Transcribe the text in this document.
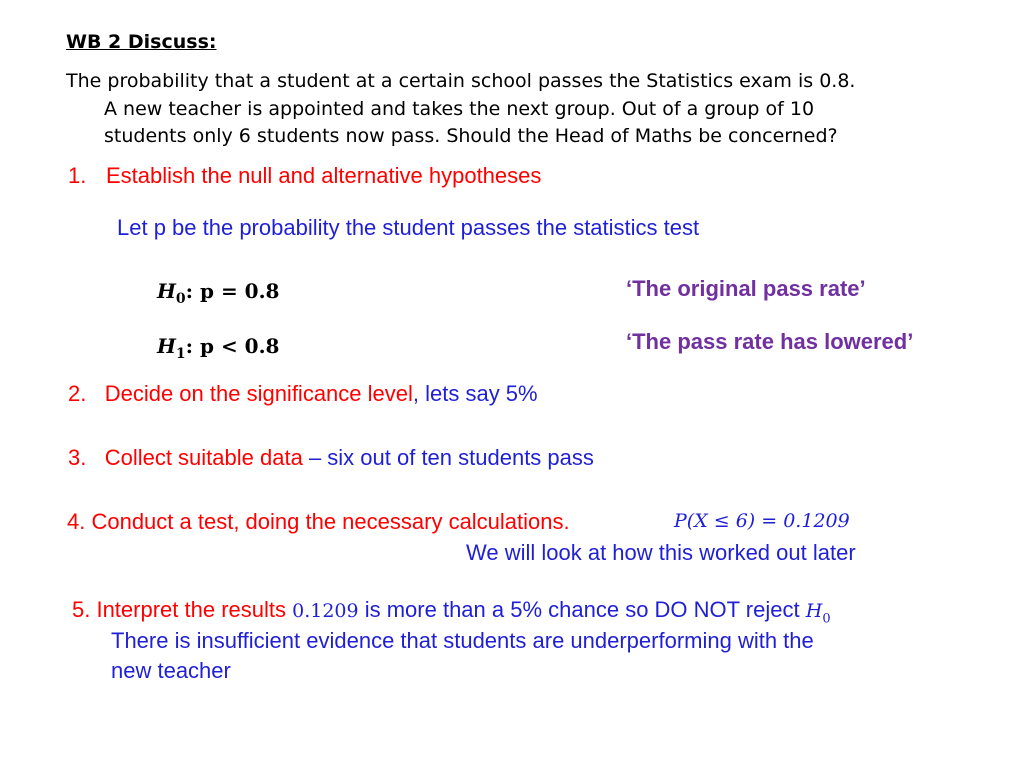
WB 2 Discuss:
The probability that a student at a certain school passes the Statistics exam is 0.8.
A new teacher is appointed and takes the next group. Out of a group of 10
students only 6 students now pass. Should the Head of Maths be concerned?
1. Establish the null and alternative hypotheses
Let p be the probability the student passes the statistics test
$H_0$: p = 0.8	‘The original pass rate’
$H_1$: p < 0.8	‘The pass rate has lowered’
2. Decide on the significance level, lets say 5%
3. Collect suitable data – six out of ten students pass
4. Conduct a test, doing the necessary calculations.	P(X ≤ 6) = 0.1209
We will look at how this worked out later
5. Interpret the results 0.1209 is more than a 5% chance so DO NOT reject $H_0$
There is insufficient evidence that students are underperforming with the
new teacher
